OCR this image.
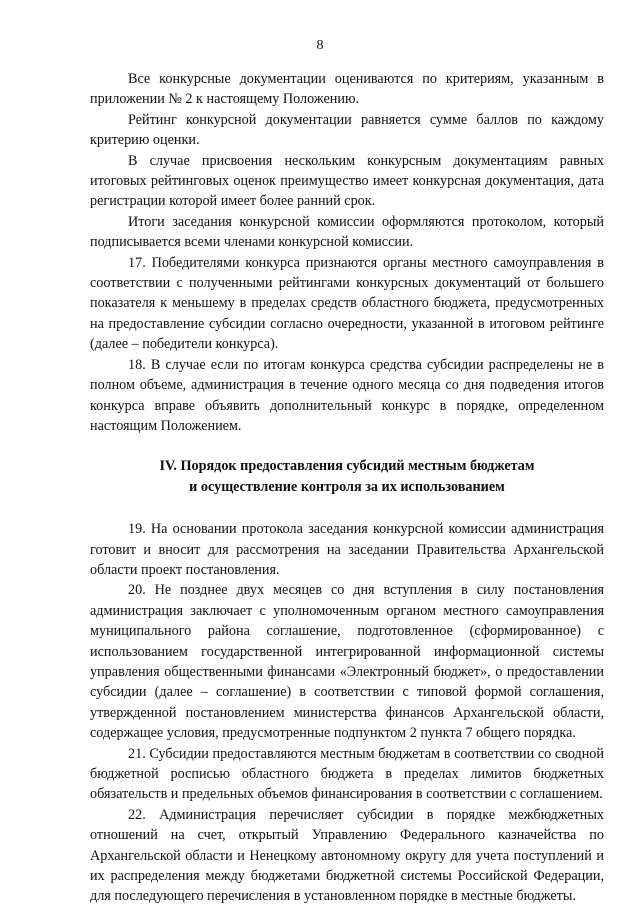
8

Все конкурсные документации оцениваются по критериям, указанным в приложении № 2 к настоящему Положению.

Рейтинг конкурсной документации равняется сумме баллов по каждому критерию оценки.

В случае присвоения нескольким конкурсным документациям равных итоговых рейтинговых оценок преимущество имеет конкурсная документация, дата регистрации которой имеет более ранний срок.

Итоги заседания конкурсной комиссии оформляются протоколом, который подписывается всеми членами конкурсной комиссии.

17. Победителями конкурса признаются органы местного самоуправления в соответствии с полученными рейтингами конкурсных документаций от большего показателя к меньшему в пределах средств областного бюджета, предусмотренных на предоставление субсидии согласно очередности, указанной в итоговом рейтинге (далее – победители конкурса).

18. В случае если по итогам конкурса средства субсидии распределены не в полном объеме, администрация в течение одного месяца со дня подведения итогов конкурса вправе объявить дополнительный конкурс в порядке, определенном настоящим Положением.

IV. Порядок предоставления субсидий местным бюджетам
и осуществление контроля за их использованием

19. На основании протокола заседания конкурсной комиссии администрация готовит и вносит для рассмотрения на заседании Правительства Архангельской области проект постановления.

20. Не позднее двух месяцев со дня вступления в силу постановления администрация заключает с уполномоченным органом местного самоуправления муниципального района соглашение, подготовленное (сформированное) с использованием государственной интегрированной информационной системы управления общественными финансами «Электронный бюджет», о предоставлении субсидии (далее – соглашение) в соответствии с типовой формой соглашения, утвержденной постановлением министерства финансов Архангельской области, содержащее условия, предусмотренные подпунктом 2 пункта 7 общего порядка.

21. Субсидии предоставляются местным бюджетам в соответствии со сводной бюджетной росписью областного бюджета в пределах лимитов бюджетных обязательств и предельных объемов финансирования в соответствии с соглашением.

22. Администрация перечисляет субсидии в порядке межбюджетных отношений на счет, открытый Управлению Федерального казначейства по Архангельской области и Ненецкому автономному округу для учета поступлений и их распределения между бюджетами бюджетной системы Российской Федерации, для последующего перечисления в установленном порядке в местные бюджеты.
